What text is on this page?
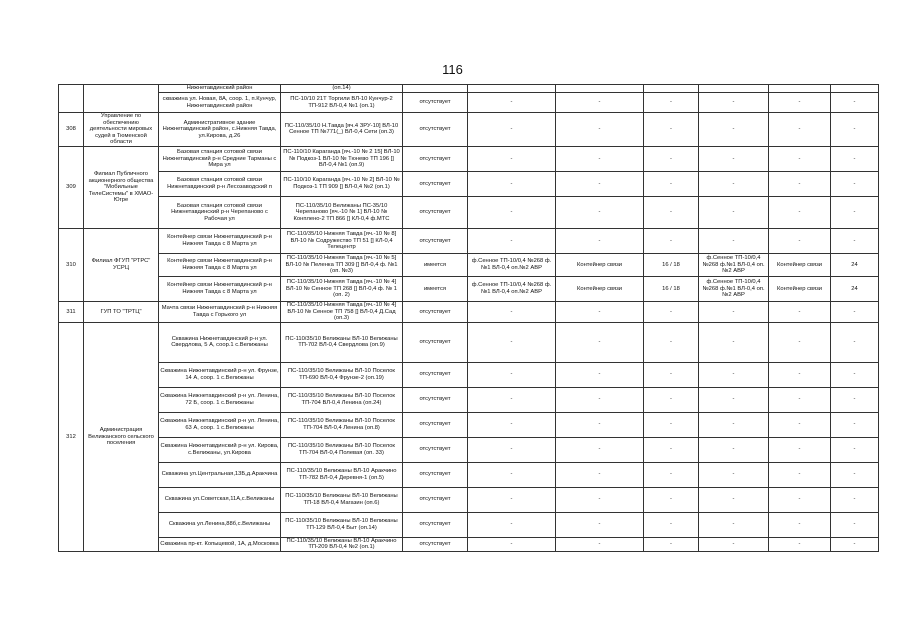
116
		Нижнетавдинский район	(оп.14)							
		скважина ул. Новая, 8А, соор. 1, п.Кунчур, Нижнетавдинский район	ПС-10/10 21Т Торгили ВЛ-10 Кунчур-2 ТП-912 ВЛ-0,4 №1 (оп.1)	отсутствует	-	-	-	-	-	-
308	Управление по обеспечению деятельности мировых судей в Тюменской области	Административное здание Нижнетавдинский район, с.Нижняя Тавда, ул.Кирова, д.26	ПС-110/35/10 Н.Тавда [яч.4 ЗРУ-10] ВЛ-10 Сенное ТП №771(_) ВЛ-0,4 Сети (оп.3)	отсутствует	-	-	-	-	-	-
309	Филиал Публичного акционерного общества "Мобильные ТелеСистемы" в ХМАО-Югре	Базовая станция сотовой связи Нижнетавдинский р-н Средние Тарманы с Мира ул	ПС-110/10 Караганда [яч.-10 № 2 15] ВЛ-10 № Подкоз-1 ВЛ-10 № Тюнево ТП 196 [] ВЛ-0,4 №1 (оп.9)	отсутствует	-	-	-	-	-	-
		Базовая станция сотовой связи Нижнетавдинский р-н Лесозаводский п	ПС-110/10 Караганда [яч.-10 № 2] ВЛ-10 № Подкоз-1 ТП 909 [] ВЛ-0,4 №2 (оп.1)	отсутствует	-	-	-	-	-	-
		Базовая станция сотовой связи Нижнетавдинский р-н Черепаново с Рабочая ул	ПС-110/35/10 Велижаны ПС-35/10 Черепаново [яч.-10 № 1] ВЛ-10 № Конплено-2 ТП 866 [] КЛ-0,4 ф.МТС	отсутствует	-	-	-	-	-	-
310	Филиал ФГУП "РТРС" УСРЦ	Контейнер связи Нижнетавдинский р-н Нижняя Тавда с 8 Марта ул	ПС-110/35/10 Нижняя Тавда [яч.-10 № 8] ВЛ-10 № Содружество ТП 51 [] КЛ-0,4 Телецентр	отсутствует	-	-	-	-	-	-
		Контейнер связи Нижнетавдинский р-н Нижняя Тавда с 8 Марта ул	ПС-110/35/10 Нижняя Тавда [яч.-10 № 5] ВЛ-10 № Пеленка ТП 309 [] ВЛ-0,4 ф. №1 (оп. №3)	имеется	ф.Сенное ТП-10/0,4 №268 ф.№1 ВЛ-0,4 оп.№2 АВР	Контейнер связи	16 / 18	ф.Сенное ТП-10/0,4 №268 ф.№1 ВЛ-0,4 оп.№2 АВР	Контейнер связи	24
		Контейнер связи Нижнетавдинский р-н Нижняя Тавда с 8 Марта ул	ПС-110/35/10 Нижняя Тавда [яч.-10 № 4] ВЛ-10 № Сенное ТП 268 [] ВЛ-0,4 ф. № 1 (оп. 2)	имеется	ф.Сенное ТП-10/0,4 №268 ф.№1 ВЛ-0,4 оп.№2 АВР	Контейнер связи	16 / 18	ф.Сенное ТП-10/0,4 №268 ф.№1 ВЛ-0,4 оп.№2 АВР	Контейнер связи	24
311	ГУП ТО "ТРТЦ"	Мачта связи Нижнетавдинский р-н Нижняя Тавда с Горького ул	ПС-110/35/10 Нижняя Тавда [яч.-10 № 4] ВЛ-10 № Сенное ТП 758 [] ВЛ-0,4 Д.Сад (оп.3)	отсутствует	-	-	-	-	-	-
312	Администрация Велижанского сельского поселения	Скважина Нижнетавдинский р-н ул. Свердлова, 5 А, соор.1 с.Велижаны	ПС-110/35/10 Велижаны ВЛ-10 Велижаны ТП-702 ВЛ-0,4 Свердлова (оп.9)	отсутствует	-	-	-	-	-	-
		Скважина Нижнетавдинский р-н ул. Фрунзе, 14 А, соор. 1 с.Велижаны	ПС-110/35/10 Велижаны ВЛ-10 Поселок ТП-690 ВЛ-0,4 Фрунзе-2 (оп.19)	отсутствует	-	-	-	-	-	-
		Скважина Нижнетавдинский р-н ул. Ленина, 72 Б, соор. 1 с.Велижаны	ПС-110/35/10 Велижаны ВЛ-10 Поселок ТП-704 ВЛ-0,4 Ленина (оп.24)	отсутствует	-	-	-	-	-	-
		Скважина Нижнетавдинский р-н ул. Ленина, 63 А, соор. 1 с.Велижаны	ПС-110/35/10 Велижаны ВЛ-10 Поселок ТП-704 ВЛ-0,4 Ленина (оп.8)	отсутствует	-	-	-	-	-	-
		Скважина Нижнетавдинский р-н ул. Кирова, с.Велижаны, ул.Кирова	ПС-110/35/10 Велижаны ВЛ-10 Поселок ТП-704 ВЛ-0,4 Полевая (оп. 33)	отсутствует	-	-	-	-	-	-
		Скважина ул.Центральная,13Б,д.Аракчина	ПС-110/35/10 Велижаны ВЛ-10 Аракчино ТП-782 ВЛ-0,4 Деревня-1 (оп.5)	отсутствует	-	-	-	-	-	-
		Скважина ул.Советская,11А,с.Велижаны	ПС-110/35/10 Велижаны ВЛ-10 Велижаны ТП-18 ВЛ-0,4 Магазин (оп.6)	отсутствует	-	-	-	-	-	-
		Скважина ул.Ленина,88б,с.Велижаны	ПС-110/35/10 Велижаны ВЛ-10 Велижаны ТП-129 ВЛ-0,4 Быт (оп.14)	отсутствует	-	-	-	-	-	-
		Скважина пр-кт. Копыцевой, 1А, д.Московка	ПС-110/35/10 Велижаны ВЛ-10 Аракчино ТП-209 ВЛ-0,4 №2 (оп.1)	отсутствует	-	-	-	-	-	-
